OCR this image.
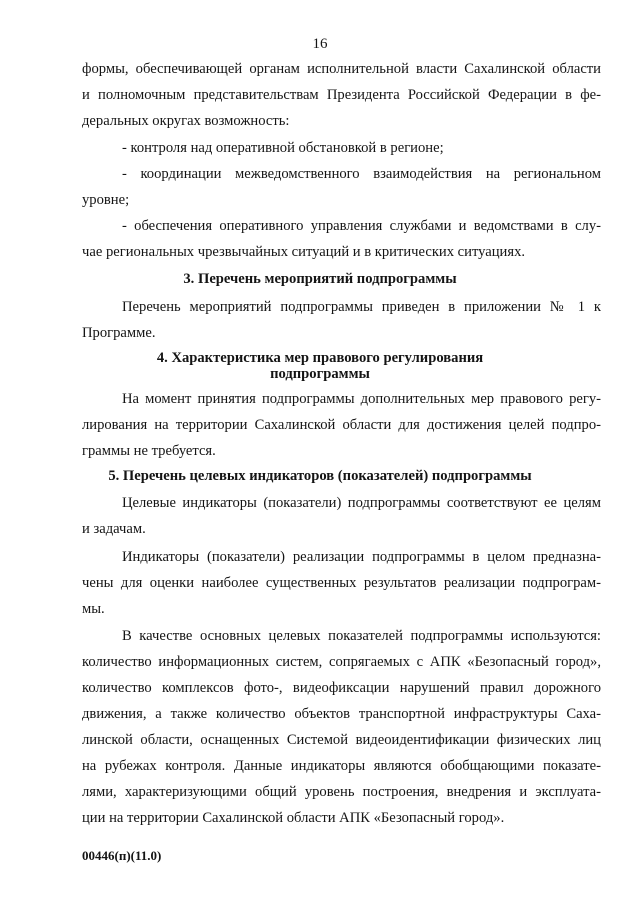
16
формы, обеспечивающей органам исполнительной власти Сахалинской области
и полномочным представительствам Президента Российской Федерации в фе-
деральных округах возможность:
- контроля над оперативной обстановкой в регионе;
- координации межведомственного взаимодействия на региональном
уровне;
- обеспечения оперативного управления службами и ведомствами в слу-
чае региональных чрезвычайных ситуаций и в критических ситуациях.
3. Перечень мероприятий подпрограммы
Перечень мероприятий подпрограммы приведен в приложении № 1 к
Программе.
4. Характеристика мер правового регулирования
подпрограммы
На момент принятия подпрограммы дополнительных мер правового регу-
лирования на территории Сахалинской области для достижения целей подпро-
граммы не требуется.
5. Перечень целевых индикаторов (показателей) подпрограммы
Целевые индикаторы (показатели) подпрограммы соответствуют ее целям
и задачам.
Индикаторы (показатели) реализации подпрограммы в целом предназна-
чены для оценки наиболее существенных результатов реализации подпрограм-
мы.
В качестве основных целевых показателей подпрограммы используются:
количество информационных систем, сопрягаемых с АПК «Безопасный город»,
количество комплексов фото-, видеофиксации нарушений правил дорожного
движения, а также количество объектов транспортной инфраструктуры Саха-
линской области, оснащенных Системой видеоидентификации физических лиц
на рубежах контроля. Данные индикаторы являются обобщающими показате-
лями, характеризующими общий уровень построения, внедрения и эксплуата-
ции на территории Сахалинской области АПК «Безопасный город».
00446(п)(11.0)
